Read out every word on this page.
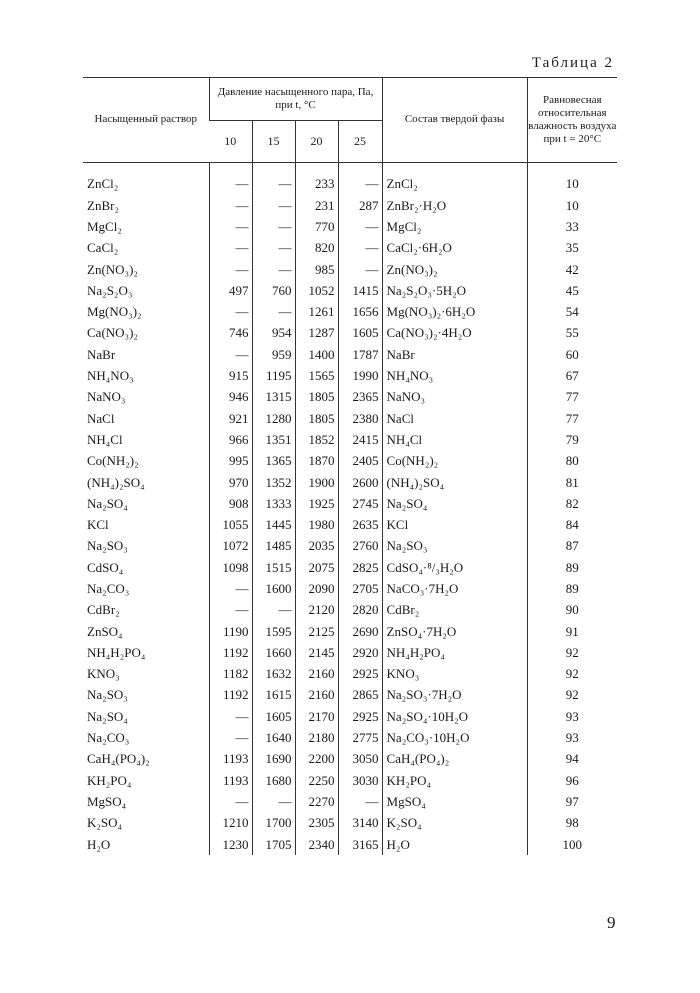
Таблица 2
Насыщенный раствор	Давление насыщенного пара, Па, при t, °C				Состав твердой фазы	Равновесная относительная влажность воздуха при t = 20°C
	10	15	20	25		
ZnCl₂	—	—	233	—	ZnCl₂	10
ZnBr₂	—	—	231	287	ZnBr₂·H₂O	10
MgCl₂	—	—	770	—	MgCl₂	33
CaCl₂	—	—	820	—	CaCl₂·6H₂O	35
Zn(NO₃)₂	—	—	985	—	Zn(NO₃)₂	42
Na₂S₂O₃	497	760	1052	1415	Na₂S₂O₃·5H₂O	45
Mg(NO₃)₂	—	—	1261	1656	Mg(NO₃)₂·6H₂O	54
Ca(NO₃)₂	746	954	1287	1605	Ca(NO₃)₂·4H₂O	55
NaBr	—	959	1400	1787	NaBr	60
NH₄NO₃	915	1195	1565	1990	NH₄NO₃	67
NaNO₃	946	1315	1805	2365	NaNO₃	77
NaCl	921	1280	1805	2380	NaCl	77
NH₄Cl	966	1351	1852	2415	NH₄Cl	79
Co(NH₂)₂	995	1365	1870	2405	Co(NH₂)₂	80
(NH₄)₂SO₄	970	1352	1900	2600	(NH₄)₂SO₄	81
Na₂SO₄	908	1333	1925	2745	Na₂SO₄	82
KCl	1055	1445	1980	2635	KCl	84
Na₂SO₃	1072	1485	2035	2760	Na₂SO₃	87
CdSO₄	1098	1515	2075	2825	CdSO₄·⁸/₃H₂O	89
Na₂CO₃	—	1600	2090	2705	NaCO₃·7H₂O	89
CdBr₂	—	—	2120	2820	CdBr₂	90
ZnSO₄	1190	1595	2125	2690	ZnSO₄·7H₂O	91
NH₄H₂PO₄	1192	1660	2145	2920	NH₄H₂PO₄	92
KNO₃	1182	1632	2160	2925	KNO₃	92
Na₂SO₃	1192	1615	2160	2865	Na₂SO₃·7H₂O	92
Na₂SO₄	—	1605	2170	2925	Na₂SO₄·10H₂O	93
Na₂CO₃	—	1640	2180	2775	Na₂CO₃·10H₂O	93
CaH₄(PO₄)₂	1193	1690	2200	3050	CaH₄(PO₄)₂	94
KH₂PO₄	1193	1680	2250	3030	KH₂PO₄	96
MgSO₄	—	—	2270	—	MgSO₄	97
K₂SO₄	1210	1700	2305	3140	K₂SO₄	98
H₂O	1230	1705	2340	3165	H₂O	100
9
